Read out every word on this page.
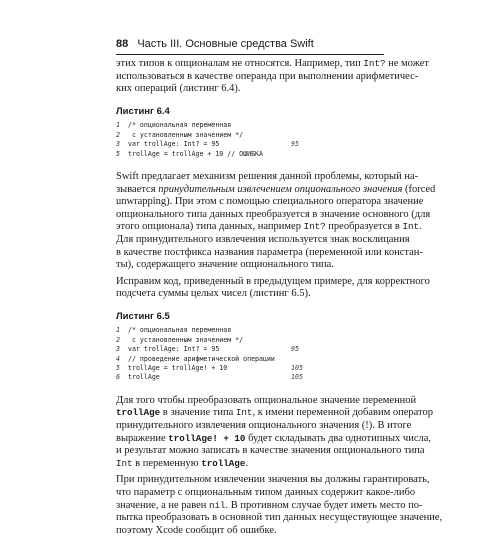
88 Часть III. Основные средства Swift
этих типов к опционалам не относятся. Например, тип Int? не может
использоваться в качестве операнда при выполнении арифметичес-
ких операций (листинг 6.4).
Листинг 6.4
1 /* опциональная переменная
2 с установленным значением */
3 var trollAge: Int? = 95	95
5 trollAge = trollAge + 10 // ОШИБКА
Swift предлагает механизм решения данной проблемы, который на-
зывается принудительным извлечением опционального значения (forced
unwrapping). При этом с помощью специального оператора значение
опционального типа данных преобразуется в значение основного (для
этого опционала) типа данных, например Int? преобразуется в Int.
Для принудительного извлечения используется знак восклицания
в качестве постфикса названия параметра (переменной или констан-
ты), содержащего значение опционального типа.
Исправим код, приведенный в предыдущем примере, для корректного
подсчета суммы целых чисел (листинг 6.5).
Листинг 6.5
1 /* опциональная переменная
2 с установленным значением */
3 var trollAge: Int? = 95	95
4 // проведение арифметической операции
5 trollAge = trollAge! + 10	105
6 trollAge	105
Для того чтобы преобразовать опциональное значение переменной
trollAge в значение типа Int, к имени переменной добавим оператор
принудительного извлечения опционального значения (!). В итоге
выражение trollAge! + 10 будет складывать два однотипных числа,
и результат можно записать в качестве значения опционального типа
Int в переменную trollAge.
При принудительном извлечении значения вы должны гарантировать,
что параметр с опциональным типом данных содержит какое-либо
значение, а не равен nil. В противном случае будет иметь место по-
пытка преобразовать в основной тип данных несуществующее значение,
поэтому Xcode сообщит об ошибке.
